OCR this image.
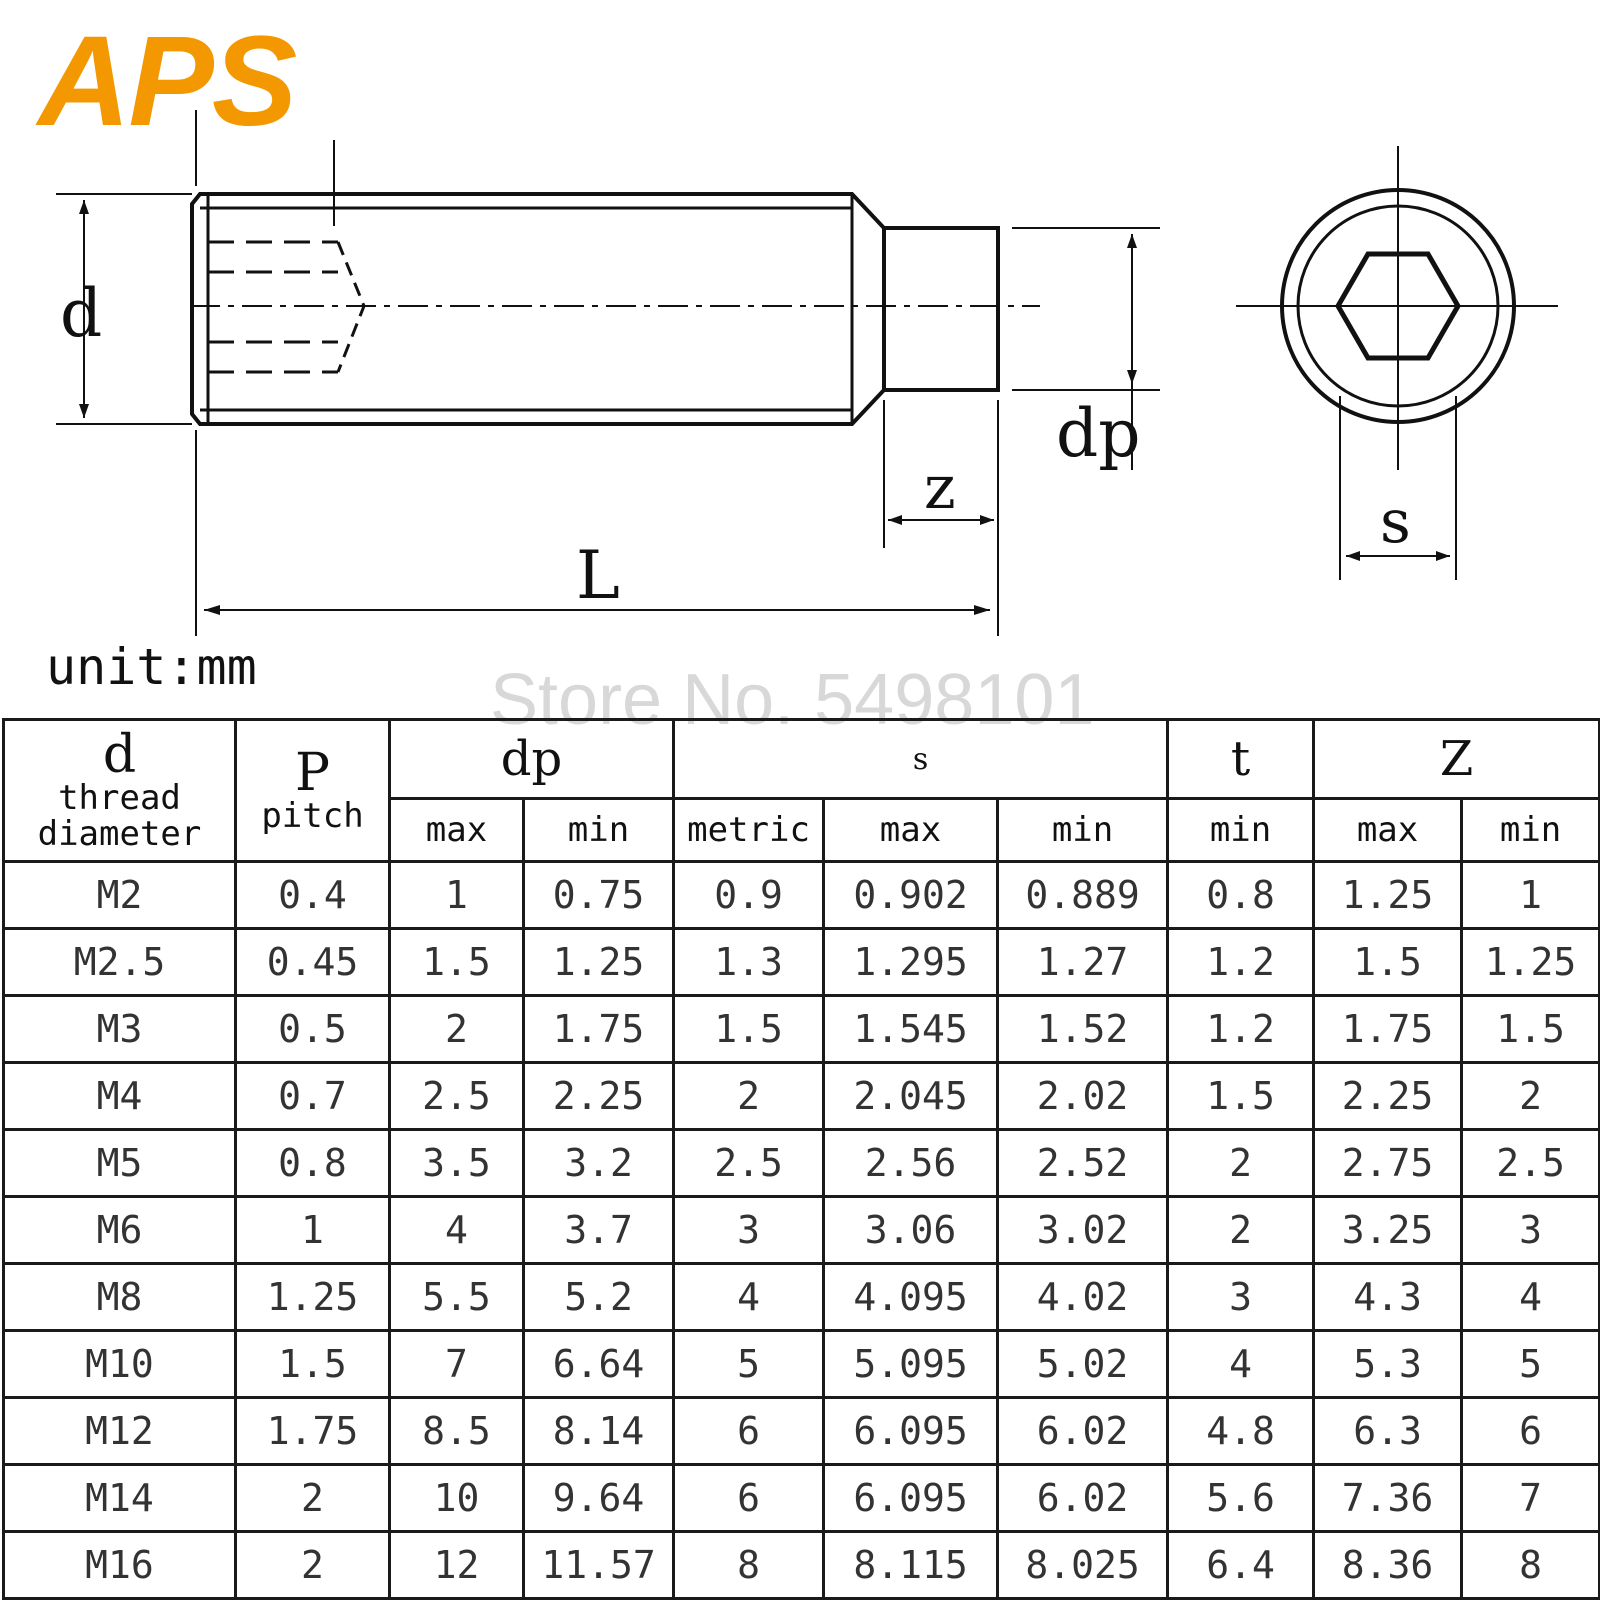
d
dp
z
L
s
APS
unit:mm	Store No. 5498101
d
thread
diameter	P
pitch	dp		s			t	Z	
		max	min	metric	max	min	min	max	min
M2	0.4	1	0.75	0.9	0.902	0.889	0.8	1.25	1
M2.5	0.45	1.5	1.25	1.3	1.295	1.27	1.2	1.5	1.25
M3	0.5	2	1.75	1.5	1.545	1.52	1.2	1.75	1.5
M4	0.7	2.5	2.25	2	2.045	2.02	1.5	2.25	2
M5	0.8	3.5	3.2	2.5	2.56	2.52	2	2.75	2.5
M6	1	4	3.7	3	3.06	3.02	2	3.25	3
M8	1.25	5.5	5.2	4	4.095	4.02	3	4.3	4
M10	1.5	7	6.64	5	5.095	5.02	4	5.3	5
M12	1.75	8.5	8.14	6	6.095	6.02	4.8	6.3	6
M14	2	10	9.64	6	6.095	6.02	5.6	7.36	7
M16	2	12	11.57	8	8.115	8.025	6.4	8.36	8
